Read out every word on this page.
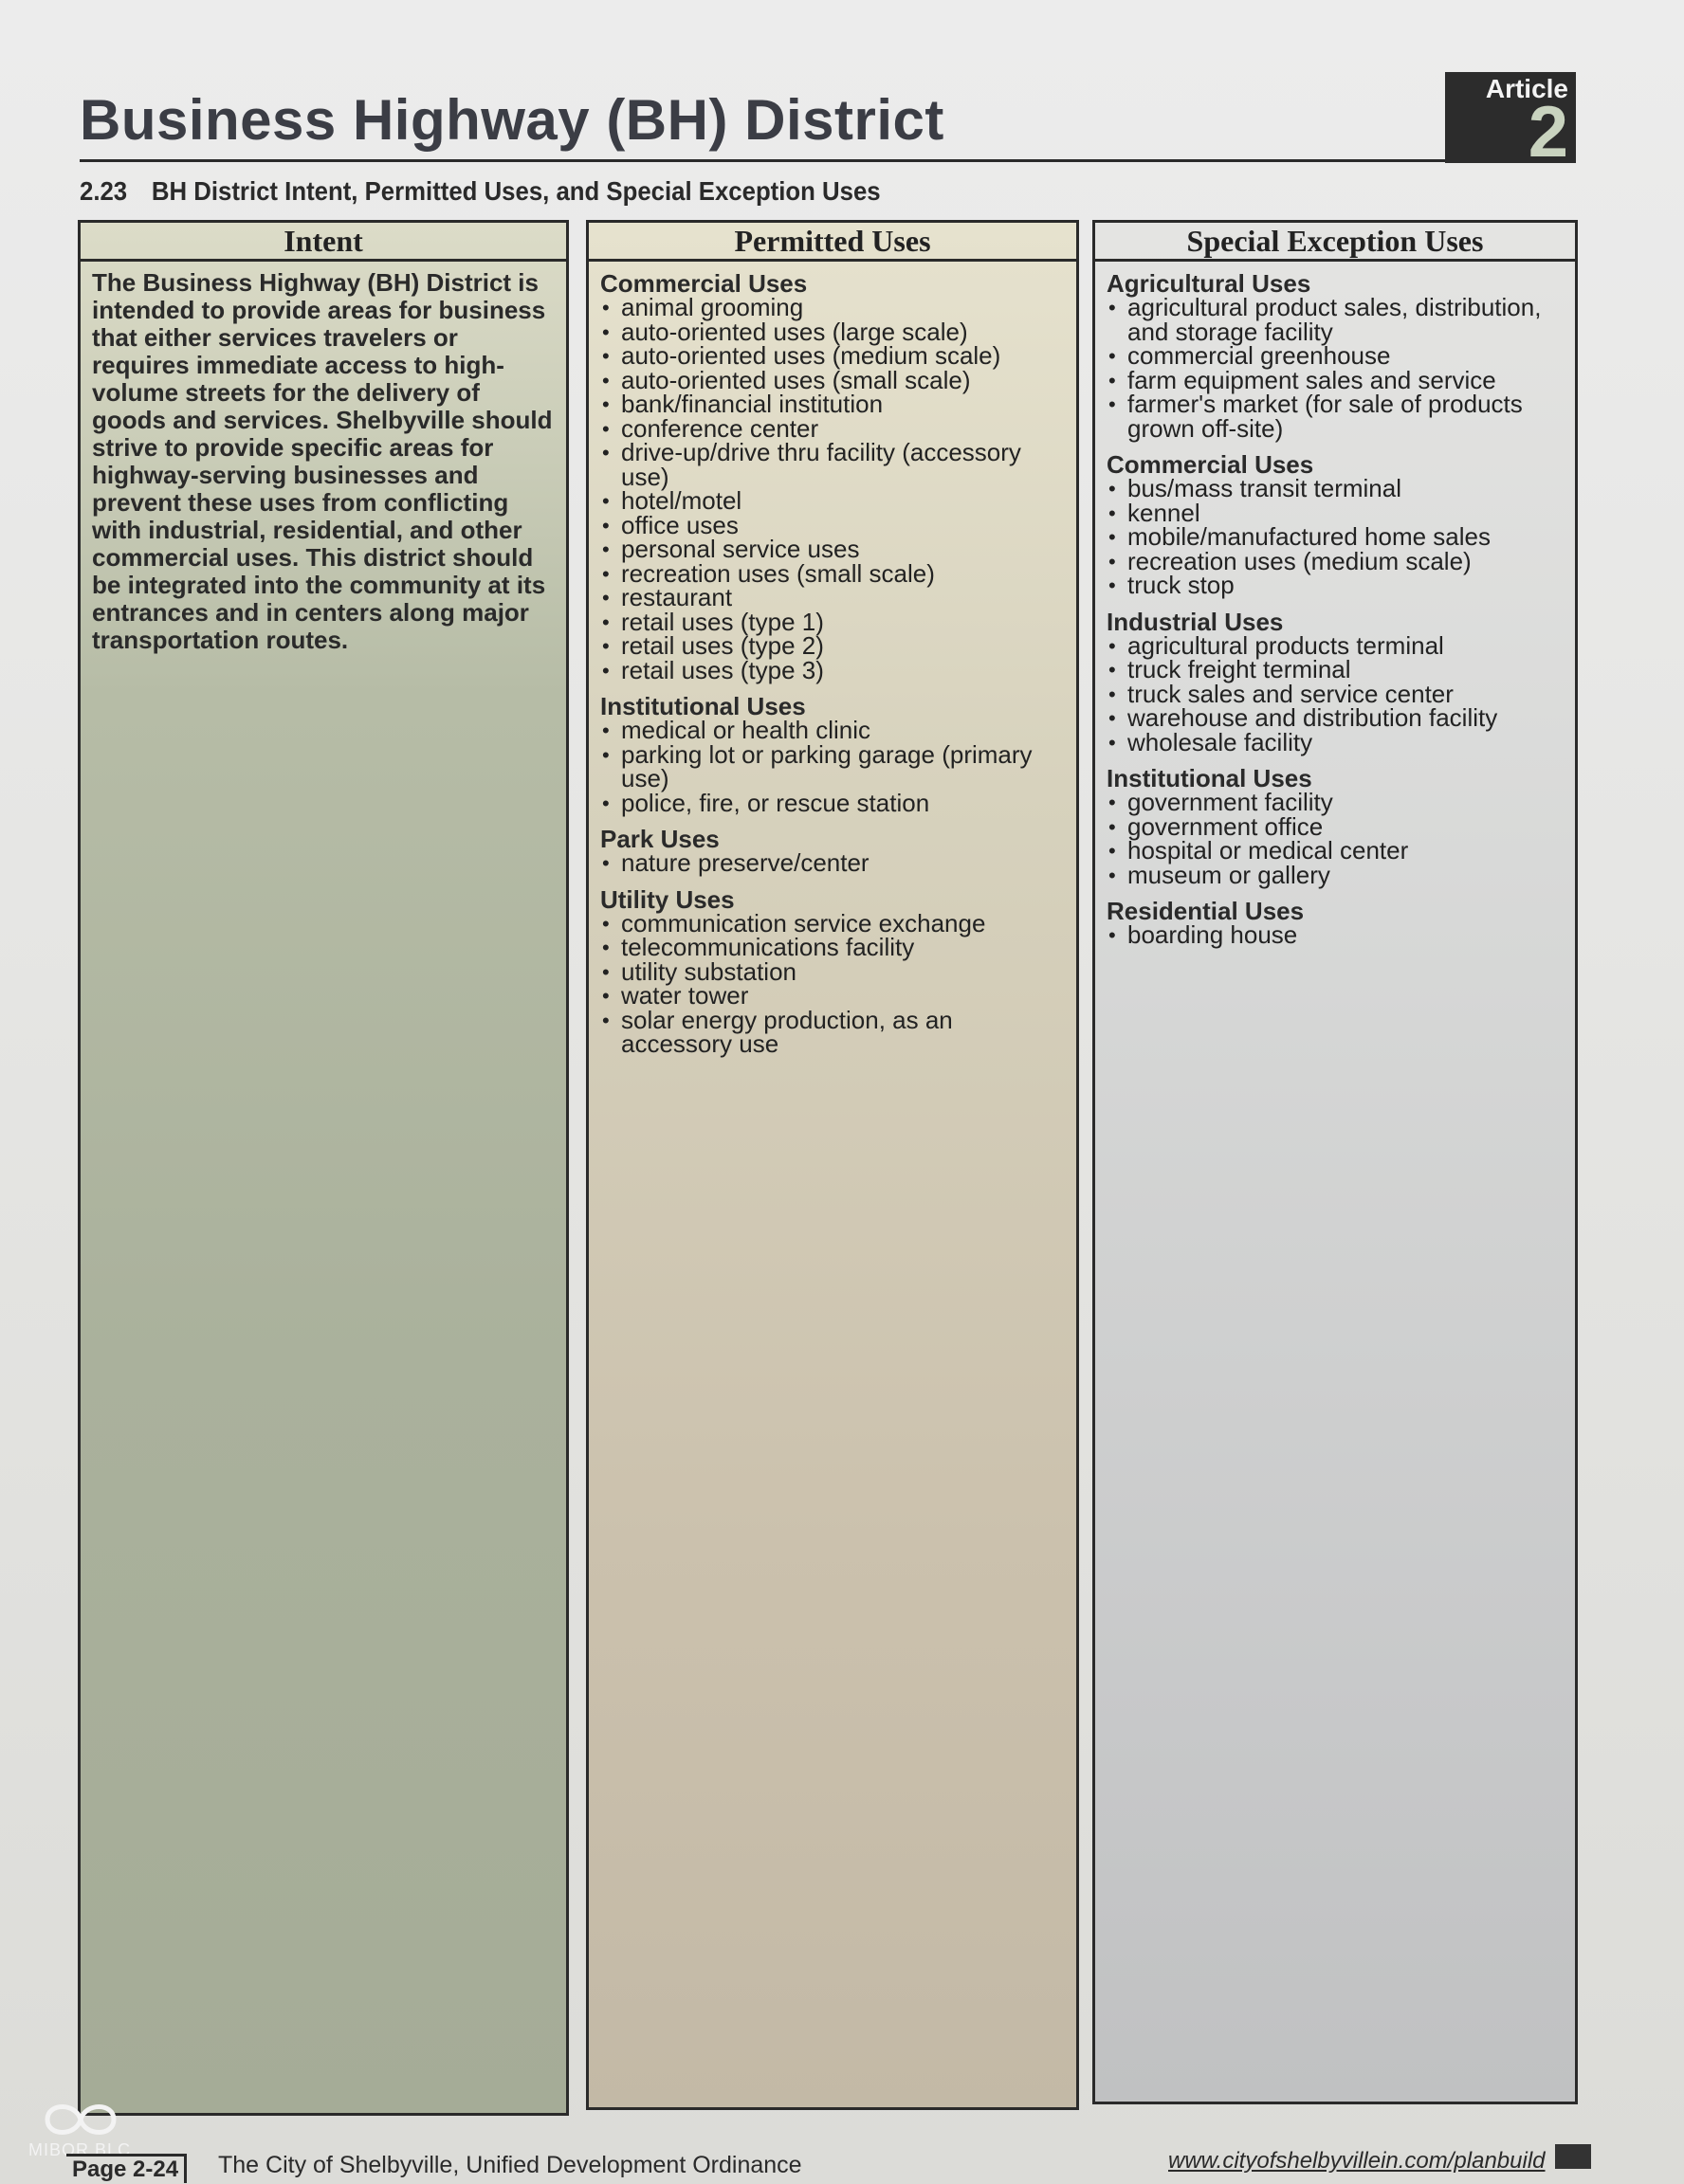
Business Highway (BH) District	Article
2
2.23 BH District Intent, Permitted Uses, and Special Exception Uses
Intent
The Business Highway (BH) District is intended to provide areas for business that either services travelers or requires immediate access to high-volume streets for the delivery of goods and services. Shelbyville should strive to provide specific areas for highway-serving businesses and prevent these uses from conflicting with industrial, residential, and other commercial uses. This district should be integrated into the community at its entrances and in centers along major transportation routes.
Permitted Uses
Commercial Uses
• animal grooming
• auto-oriented uses (large scale)
• auto-oriented uses (medium scale)
• auto-oriented uses (small scale)
• bank/financial institution
• conference center
• drive-up/drive thru facility (accessory use)
• hotel/motel
• office uses
• personal service uses
• recreation uses (small scale)
• restaurant
• retail uses (type 1)
• retail uses (type 2)
• retail uses (type 3)
Institutional Uses
• medical or health clinic
• parking lot or parking garage (primary use)
• police, fire, or rescue station
Park Uses
• nature preserve/center
Utility Uses
• communication service exchange
• telecommunications facility
• utility substation
• water tower
• solar energy production, as an accessory use
Special Exception Uses
Agricultural Uses
• agricultural product sales, distribution, and storage facility
• commercial greenhouse
• farm equipment sales and service
• farmer's market (for sale of products grown off-site)
Commercial Uses
• bus/mass transit terminal
• kennel
• mobile/manufactured home sales
• recreation uses (medium scale)
• truck stop
Industrial Uses
• agricultural products terminal
• truck freight terminal
• truck sales and service center
• warehouse and distribution facility
• wholesale facility
Institutional Uses
• government facility
• government office
• hospital or medical center
• museum or gallery
Residential Uses
• boarding house
MIBOR BLC
Page 2-24	The City of Shelbyville, Unified Development Ordinance	www.cityofshelbyvillein.com/planbuild
